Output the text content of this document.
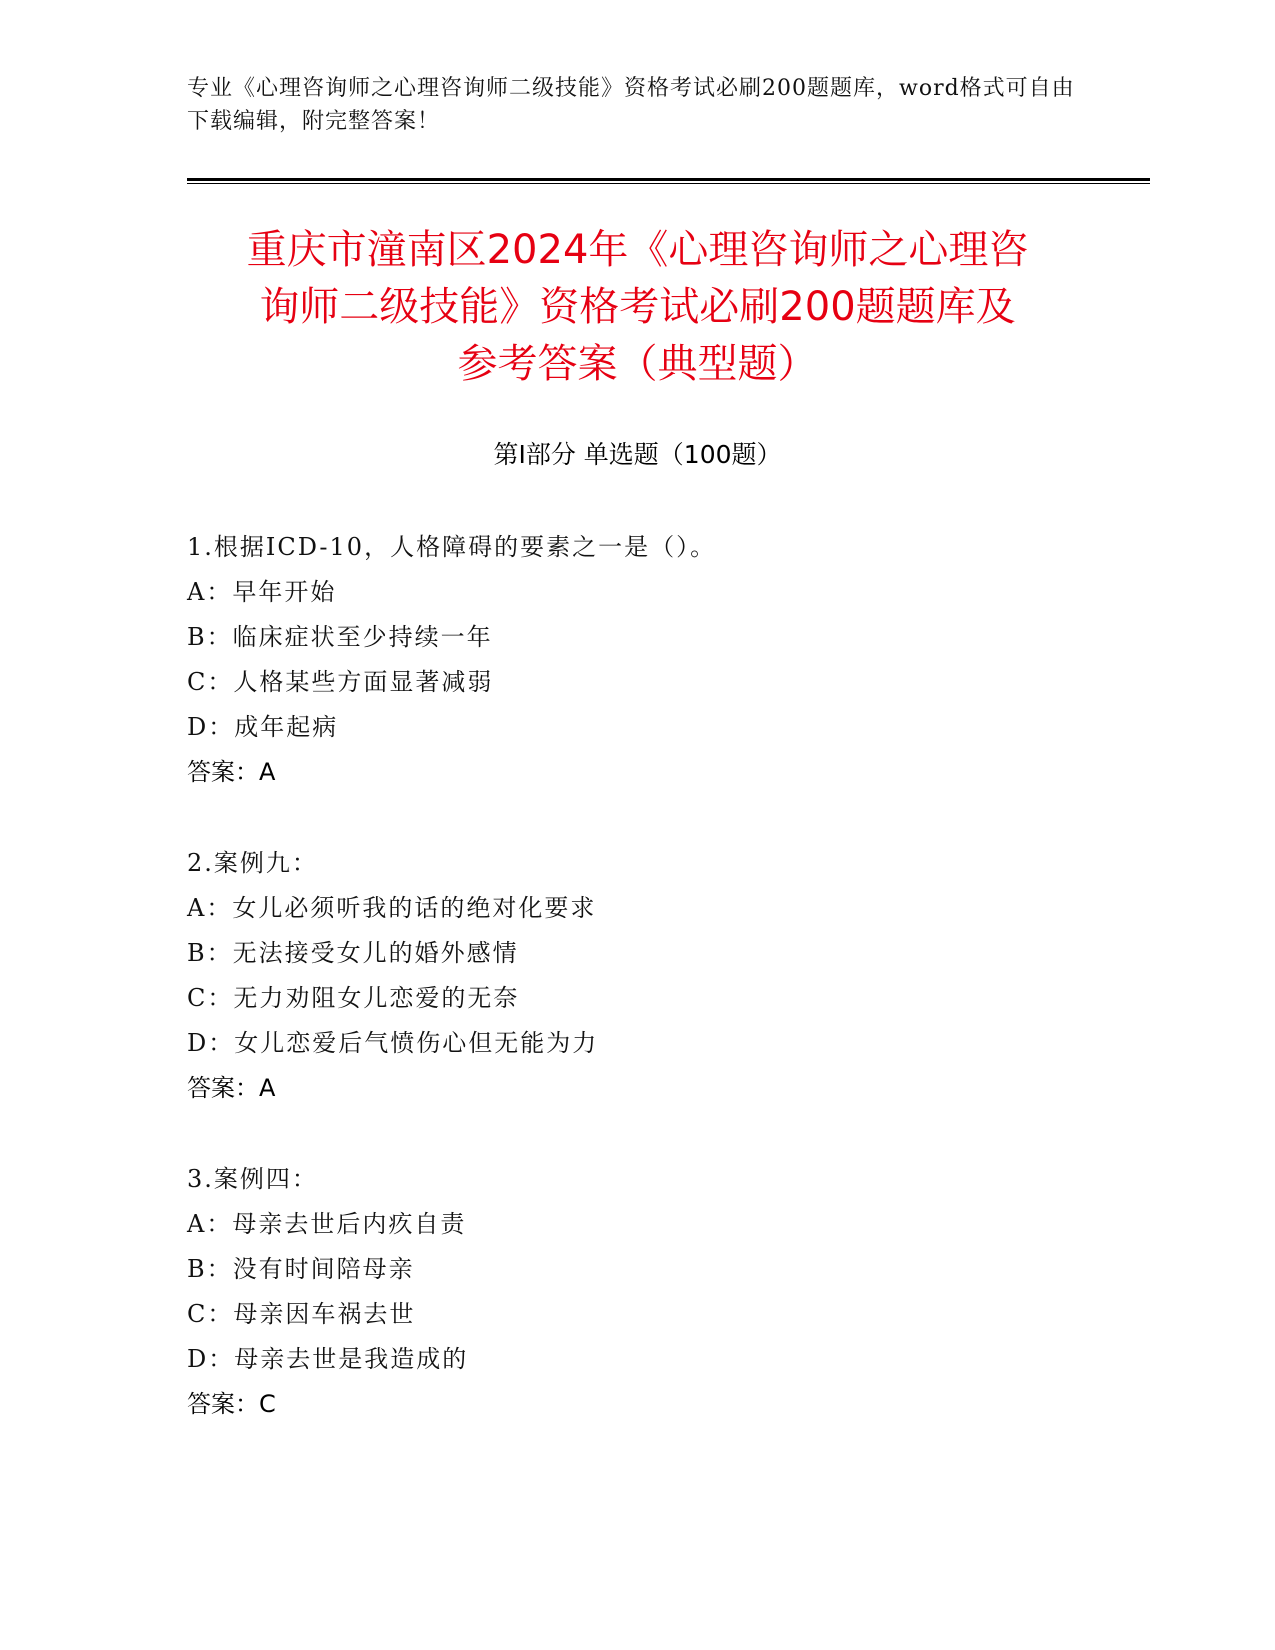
专业《心理咨询师之心理咨询师二级技能》资格考试必刷200题题库，word格式可自由下载编辑，附完整答案！
重庆市潼南区2024年《心理咨询师之心理咨
询师二级技能》资格考试必刷200题题库及
参考答案（典型题）
第Ⅰ部分 单选题（100题）
1.根据ICD-10，人格障碍的要素之一是（）。
A：早年开始
B：临床症状至少持续一年
C：人格某些方面显著减弱
D：成年起病
答案：A
2.案例九：
A：女儿必须听我的话的绝对化要求
B：无法接受女儿的婚外感情
C：无力劝阻女儿恋爱的无奈
D：女儿恋爱后气愤伤心但无能为力
答案：A
3.案例四：
A：母亲去世后内疚自责
B：没有时间陪母亲
C：母亲因车祸去世
D：母亲去世是我造成的
答案：C
